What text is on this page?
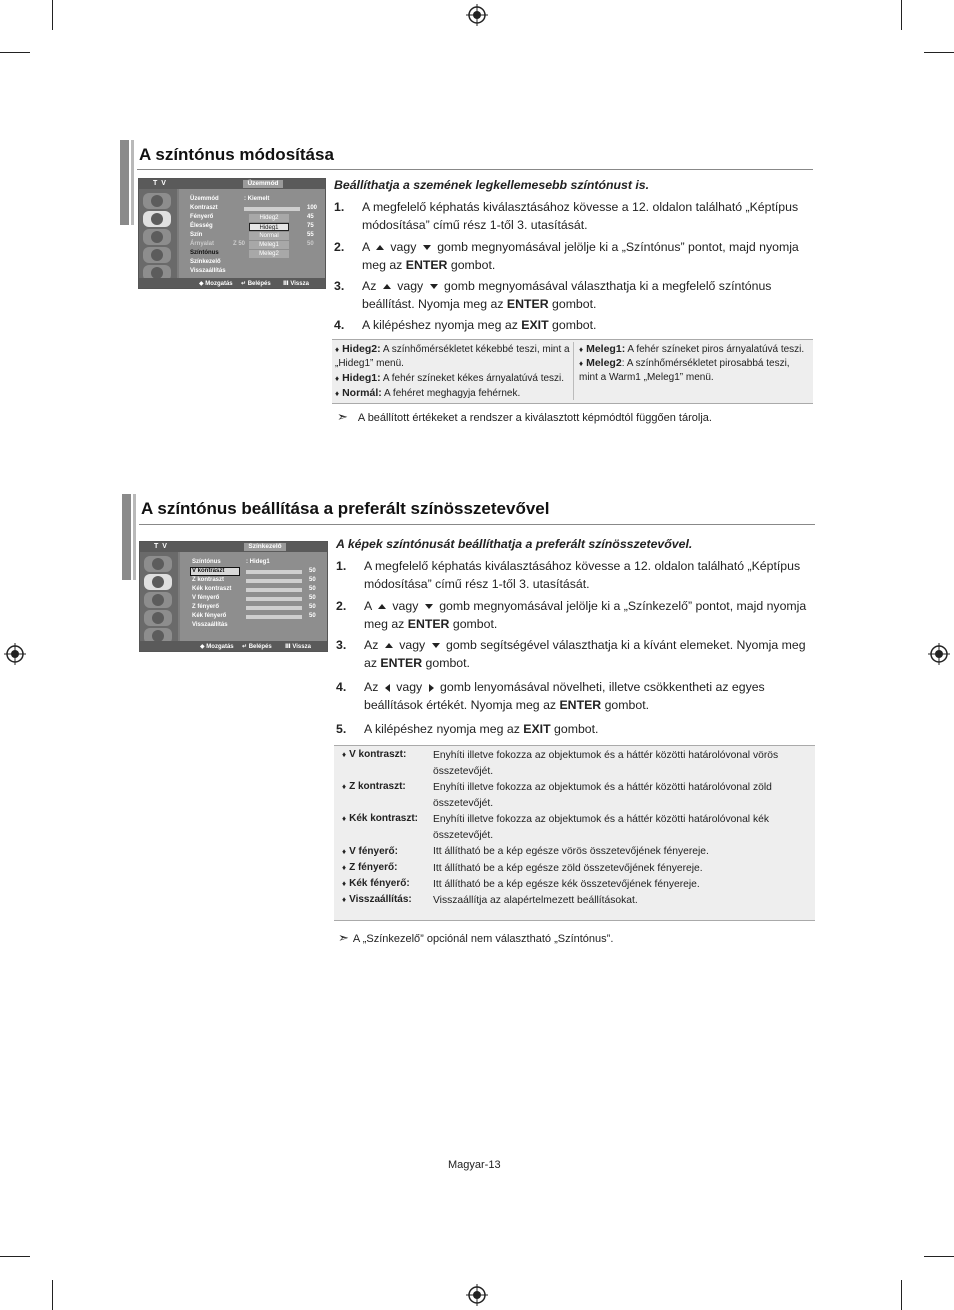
A színtónus módosítása
T V	Üzemmód
Üzemmód	: Kiemelt
Kontraszt	100
Fényerő	45
Élesség	75
Szín	55
Árnyalat	Z 50	50
Színtónus
Színkezelő
Visszaállítás
Hideg2
Hideg1
Normal
Meleg1
Meleg2
◆ Mozgatás ↵ Belépés Ⅲ Vissza
Beállíthatja a szemének legkellemesebb színtónust is.
1. A megfelelő képhatás kiválasztásához kövesse a 12. oldalon található „Képtípus módosítása” című rész 1-től 3. utasítását.
2. A vagy gomb megnyomásával jelölje ki a „Színtónus” pontot, majd nyomja meg az ENTER gombot.
3. Az vagy gomb megnyomásával választhatja ki a megfelelő színtónus beállítást. Nyomja meg az ENTER gombot.
4. A kilépéshez nyomja meg az EXIT gombot.
♦ Hideg2: A színhőmérsékletet kékebbé teszi, mint a „Hideg1” menü.
♦ Hideg1: A fehér színeket kékes árnyalatúvá teszi.
♦ Normál: A fehéret meghagyja fehérnek.
♦ Meleg1: A fehér színeket piros árnyalatúvá teszi.
♦ Meleg2: A színhőmérsékletet pirosabbá teszi, mint a Warm1 „Meleg1” menü.
➣ A beállított értékeket a rendszer a kiválasztott képmódtól függően tárolja.
A színtónus beállítása a preferált színösszetevővel
T V	Színkezelő
Színtónus	: Hideg1
V kontraszt	50
Z kontraszt	50
Kék kontraszt	50
V fényerő	50
Z fényerő	50
Kék fényerő	50
Visszaállítás
◆ Mozgatás ↵ Belépés Ⅲ Vissza
A képek színtónusát beállíthatja a preferált színösszetevővel.
1. A megfelelő képhatás kiválasztásához kövesse a 12. oldalon található „Képtípus módosítása” című rész 1-től 3. utasítását.
2. A vagy gomb megnyomásával jelölje ki a „Színkezelő” pontot, majd nyomja meg az ENTER gombot.
3. Az vagy gomb segítségével választhatja ki a kívánt elemeket. Nyomja meg az ENTER gombot.
4. Az vagy gomb lenyomásával növelheti, illetve csökkentheti az egyes beállítások értékét. Nyomja meg az ENTER gombot.
5. A kilépéshez nyomja meg az EXIT gombot.
♦ V kontraszt:	Enyhíti illetve fokozza az objektumok és a háttér közötti határolóvonal vörös összetevőjét.
♦ Z kontraszt:	Enyhíti illetve fokozza az objektumok és a háttér közötti határolóvonal zöld összetevőjét.
♦ Kék kontraszt: Enyhíti illetve fokozza az objektumok és a háttér közötti határolóvonal kék összetevőjét.
♦ V fényerő:	Itt állítható be a kép egésze vörös összetevőjének fényereje.
♦ Z fényerő:	Itt állítható be a kép egésze zöld összetevőjének fényereje.
♦ Kék fényerő: Itt állítható be a kép egésze kék összetevőjének fényereje.
♦ Visszaállítás: Visszaállítja az alapértelmezett beállításokat.
➣ A „Színkezelő” opciónál nem választható „Színtónus”.
Magyar-13
